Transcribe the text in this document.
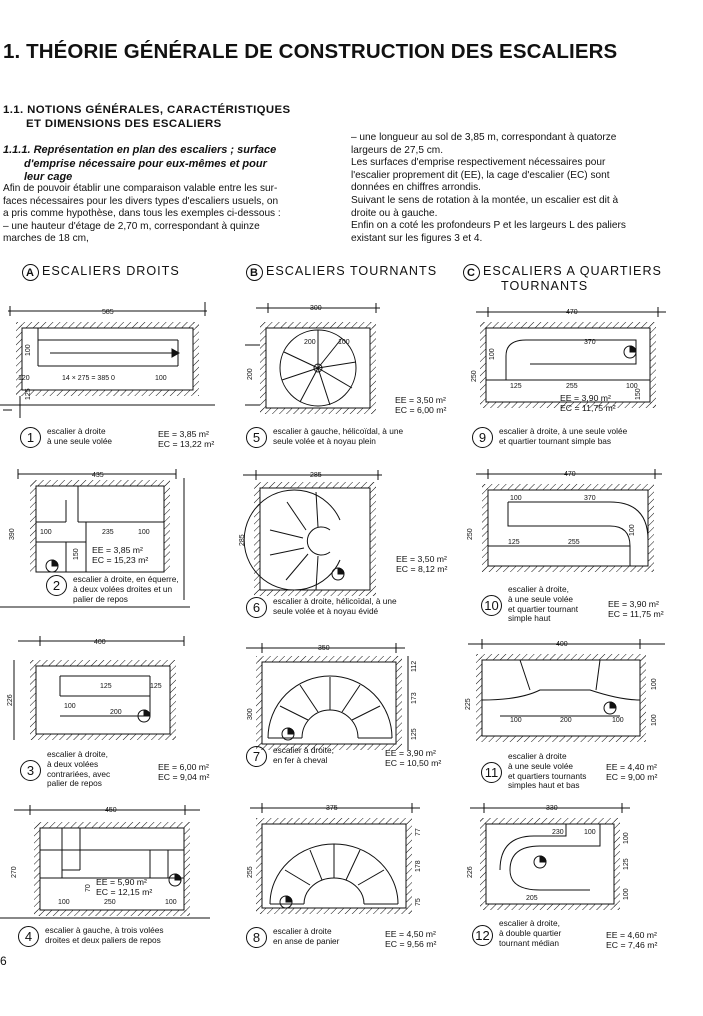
1. THÉORIE GÉNÉRALE DE CONSTRUCTION DES ESCALIERS
1.1. NOTIONS GÉNÉRALES, CARACTÉRISTIQUES
ET DIMENSIONS DES ESCALIERS
1.1.1. Représentation en plan des escaliers ; surface
d'emprise nécessaire pour eux-mêmes et pour
leur cage

Afin de pouvoir établir une comparaison valable entre les sur-

faces nécessaires pour les divers types d'escaliers usuels, on

a pris comme hypothèse, dans tous les exemples ci-dessous :

– une hauteur d'étage de 2,70 m, correspondant à quinze

marches de 18 cm,

– une longueur au sol de 3,85 m, correspondant à quatorze

largeurs de 27,5 cm.

Les surfaces d'emprise respectivement nécessaires pour

l'escalier proprement dit (EE), la cage d'escalier (EC) sont

données en chiffres arrondis.

Suivant le sens de rotation à la montée, un escalier est dit à

droite ou à gauche.

Enfin on a coté les profondeurs P et les largeurs L des paliers

existant sur les figures 3 et 4.

A ESCALIERS DROITS	B ESCALIERS TOURNANTS	C ESCALIERS A QUARTIERS
TOURNANTS
585
100
120	14 × 275 = 385 0	100
125
435
390	100	235	100
150
400
226
125	125
100
200
450
270
100	250	100
70
300
200
100
200
285
285
350
300
112
173
125
375
255
77
178
75
470
250
100
370
125	255	100
150
470
250
100	370
125	255
100
400
225
100
100	100
200	100
330
226
230	100	100
125
205	100
EE = 3,85 m²
EC = 15,23 m²
EE = 3,50 m²
EC = 6,00 m²
EE = 3,50 m²
EC = 8,12 m²
EE = 5,90 m²
EC = 12,15 m²
EE = 3,90 m²
EC = 11,75 m²
1	escalier à droite
à une seule volée
EE = 3,85 m²
EC = 13,22 m²
2	escalier à droite, en équerre,
à deux volées droites et un
palier de repos
3
escalier à droite,
à deux volées
contrariées, avec
palier de repos
EE = 6,00 m²
EC = 9,04 m²
4	escalier à gauche, à trois volées
droites et deux paliers de repos
5	escalier à gauche, hélicoïdal, à une
seule volée et à noyau plein
6	escalier à droite, hélicoïdal, à une
seule volée et à noyau évidé
7	escalier à droite,
en fer à cheval
EE = 3,90 m²
EC = 10,50 m²
8	escalier à droite
en anse de panier
EE = 4,50 m²
EC = 9,56 m²
9	escalier à droite, à une seule volée
et quartier tournant simple bas
10
escalier à droite,
à une seule volée
et quartier tournant
simple haut
EE = 3,90 m²
EC = 11,75 m²
11
escalier à droite
à une seule volée
et quartiers tournants
simples haut et bas
EE = 4,40 m²
EC = 9,00 m²
12
escalier à droite,
à double quartier
tournant médian
EE = 4,60 m²
EC = 7,46 m²
6
